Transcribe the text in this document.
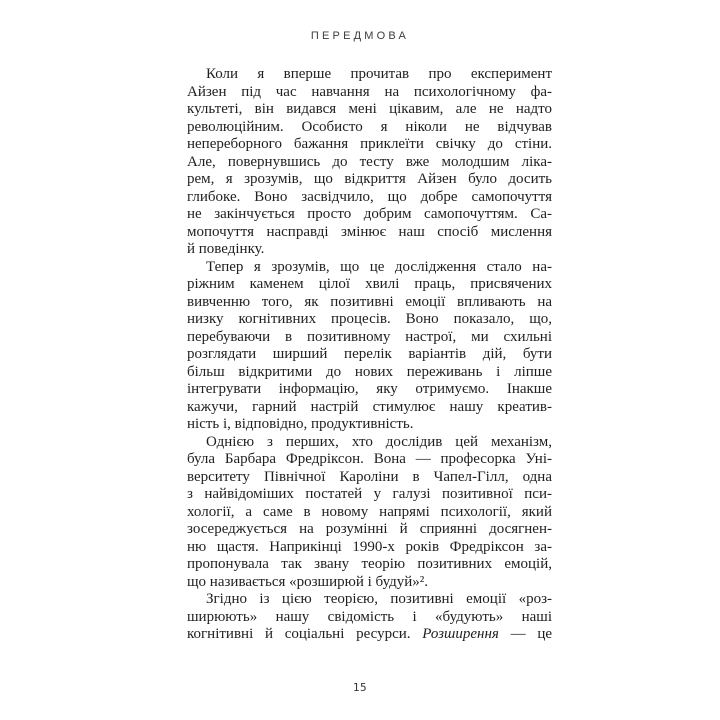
ПЕРЕДМОВА
Коли я вперше прочитав про експеримент
Айзен під час навчання на психологічному фа-
культеті, він видався мені цікавим, але не надто
революційним. Особисто я ніколи не відчував
непереборного бажання приклеїти свічку до стіни.
Але, повернувшись до тесту вже молодшим ліка-
рем, я зрозумів, що відкриття Айзен було досить
глибоке. Воно засвідчило, що добре самопочуття
не закінчується просто добрим самопочуттям. Са-
мопочуття насправді змінює наш спосіб мислення
й поведінку.
Тепер я зрозумів, що це дослідження стало на-
ріжним каменем цілої хвилі праць, присвячених
вивченню того, як позитивні емоції впливають на
низку когнітивних процесів. Воно показало, що,
перебуваючи в позитивному настрої, ми схильні
розглядати ширший перелік варіантів дій, бути
більш відкритими до нових переживань і ліпше
інтегрувати інформацію, яку отримуємо. Інакше
кажучи, гарний настрій стимулює нашу креатив-
ність і, відповідно, продуктивність.
Однією з перших, хто дослідив цей механізм,
була Барбара Фредріксон. Вона — професорка Уні-
верситету Північної Кароліни в Чапел-Гілл, одна
з найвідоміших постатей у галузі позитивної пси-
хології, а саме в новому напрямі психології, який
зосереджується на розумінні й сприянні досягнен-
ню щастя. Наприкінці 1990-х років Фредріксон за-
пропонувала так звану теорію позитивних емоцій,
що називається «розширюй і будуй»².
Згідно із цією теорією, позитивні емоції «роз-
ширюють» нашу свідомість і «будують» наші
когнітивні й соціальні ресурси. Розширення — це
15
